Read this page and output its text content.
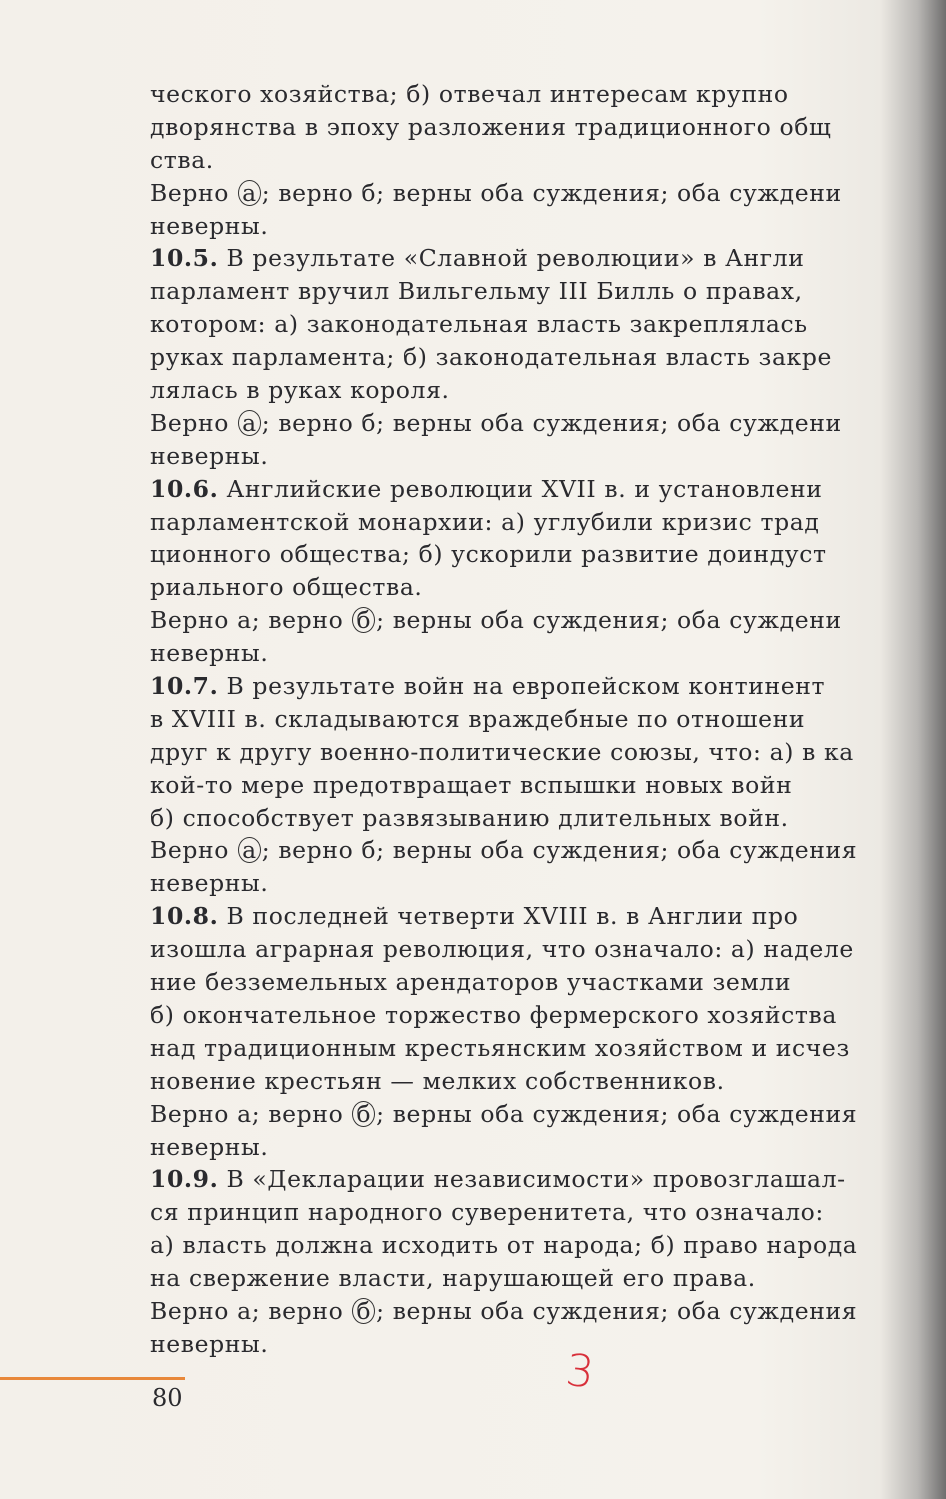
ческого хозяйства; б) отвечал интересам крупно
дворянства в эпоху разложения традиционного общ
ства.
Верно а ; верно б; верны оба суждения; оба суждени
неверны.
10.5. В результате «Славной революции» в Англи
парламент вручил Вильгельму III Билль о правах,
котором: а) законодательная власть закреплялась
руках парламента; б) законодательная власть закре
лялась в руках короля.
Верно а ; верно б; верны оба суждения; оба суждени
неверны.
10.6. Английские революции XVII в. и установлени
парламентской монархии: а) углубили кризис трад
ционного общества; б) ускорили развитие доиндуст
риального общества.
Верно а; верно б ; верны оба суждения; оба суждени
неверны.
10.7. В результате войн на европейском континент
в XVIII в. складываются враждебные по отношени
друг к другу военно-политические союзы, что: а) в ка
кой-то мере предотвращает вспышки новых войн
б) способствует развязыванию длительных войн.
Верно а ; верно б; верны оба суждения; оба суждения
неверны.
10.8. В последней четверти XVIII в. в Англии про
изошла аграрная революция, что означало: а) наделе
ние безземельных арендаторов участками земли
б) окончательное торжество фермерского хозяйства
над традиционным крестьянским хозяйством и исчез
новение крестьян — мелких собственников.
Верно а; верно б ; верны оба суждения; оба суждения
неверны.
10.9. В «Декларации независимости» провозглашал-
ся принцип народного суверенитета, что означало:
а) власть должна исходить от народа; б) право народа
на свержение власти, нарушающей его права.
Верно а; верно б ; верны оба суждения; оба суждения
неверны.
80	3
